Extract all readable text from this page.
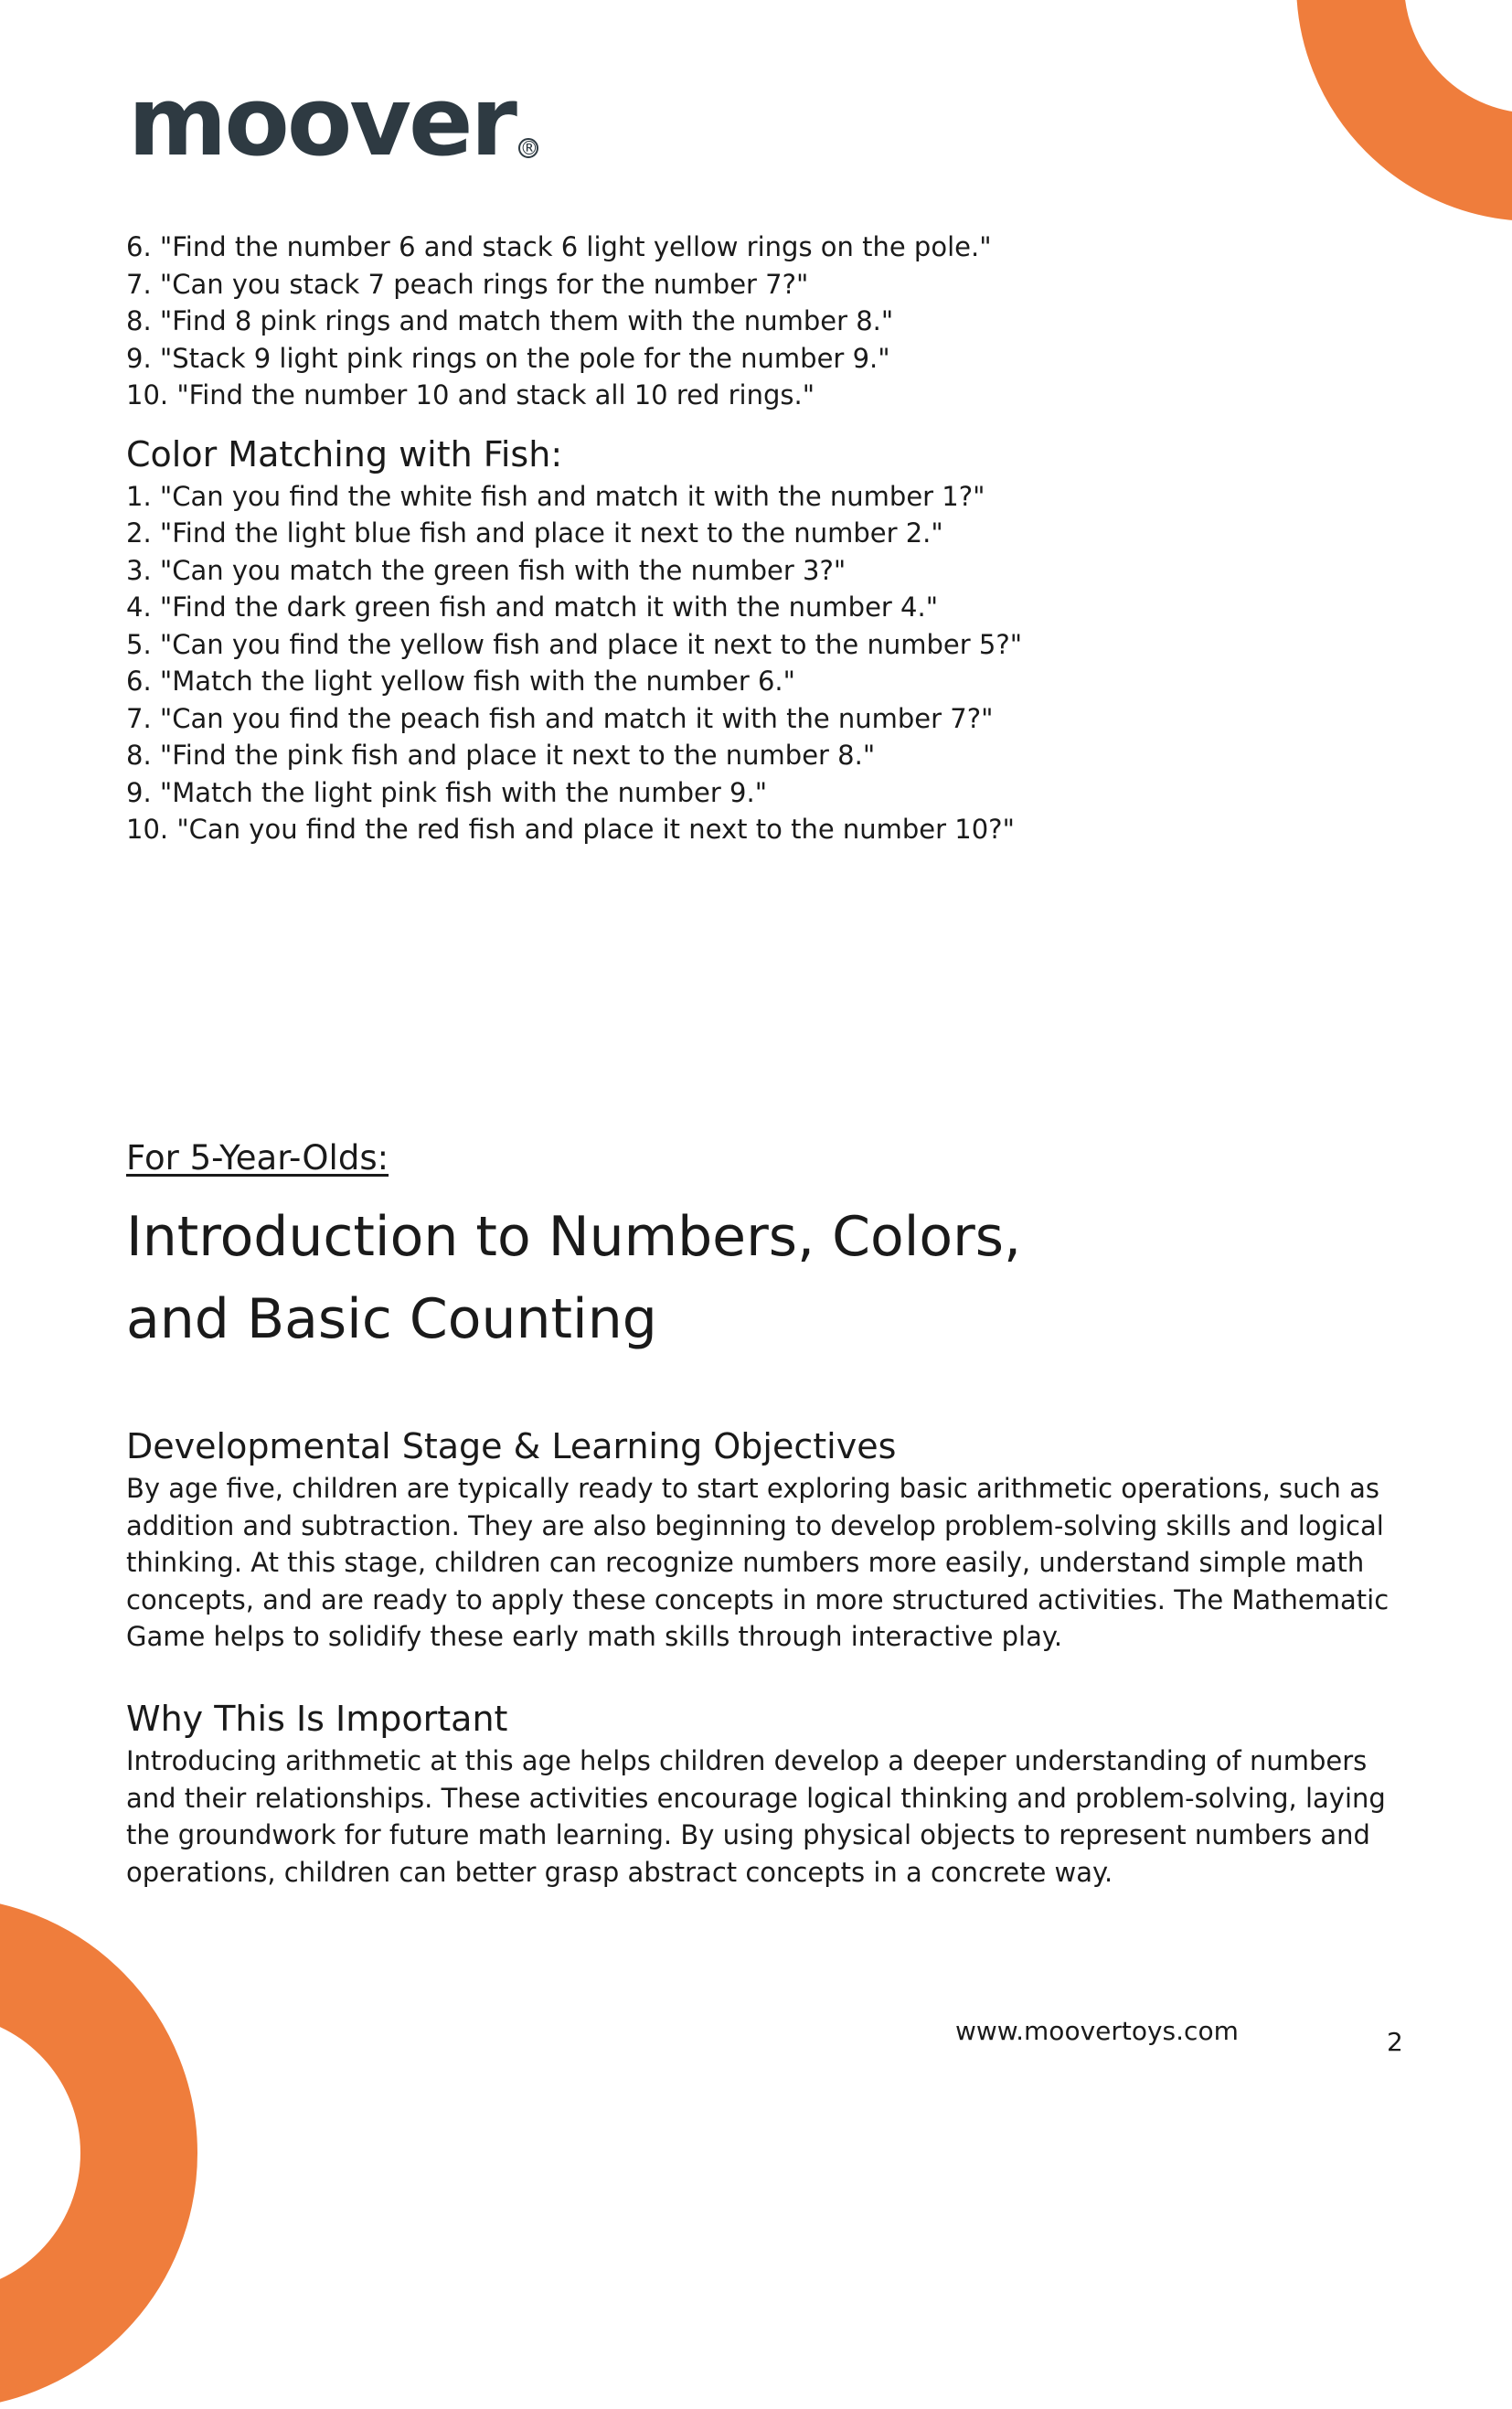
moover ®
6. "Find the number 6 and stack 6 light yellow rings on the pole."
7. "Can you stack 7 peach rings for the number 7?"
8. "Find 8 pink rings and match them with the number 8."
9. "Stack 9 light pink rings on the pole for the number 9."
10. "Find the number 10 and stack all 10 red rings."
Color Matching with Fish:
1. "Can you find the white fish and match it with the number 1?"
2. "Find the light blue fish and place it next to the number 2."
3. "Can you match the green fish with the number 3?"
4. "Find the dark green fish and match it with the number 4."
5. "Can you find the yellow fish and place it next to the number 5?"
6. "Match the light yellow fish with the number 6."
7. "Can you find the peach fish and match it with the number 7?"
8. "Find the pink fish and place it next to the number 8."
9. "Match the light pink fish with the number 9."
10. "Can you find the red fish and place it next to the number 10?"
For 5-Year-Olds:
Introduction to Numbers, Colors,
and Basic Counting
Developmental Stage & Learning Objectives

By age five, children are typically ready to start exploring basic arithmetic operations, such as addition and subtraction. They are also beginning to develop problem-solving skills and logical thinking. At this stage, children can recognize numbers more easily, understand simple math concepts, and are ready to apply these concepts in more structured activities. The Mathematic Game helps to solidify these early math skills through interactive play.

Why This Is Important

Introducing arithmetic at this age helps children develop a deeper understanding of numbers and their relationships. These activities encourage logical thinking and problem-solving, laying the groundwork for future math learning. By using physical objects to represent numbers and operations, children can better grasp abstract concepts in a concrete way.

www.moovertoys.com	2
